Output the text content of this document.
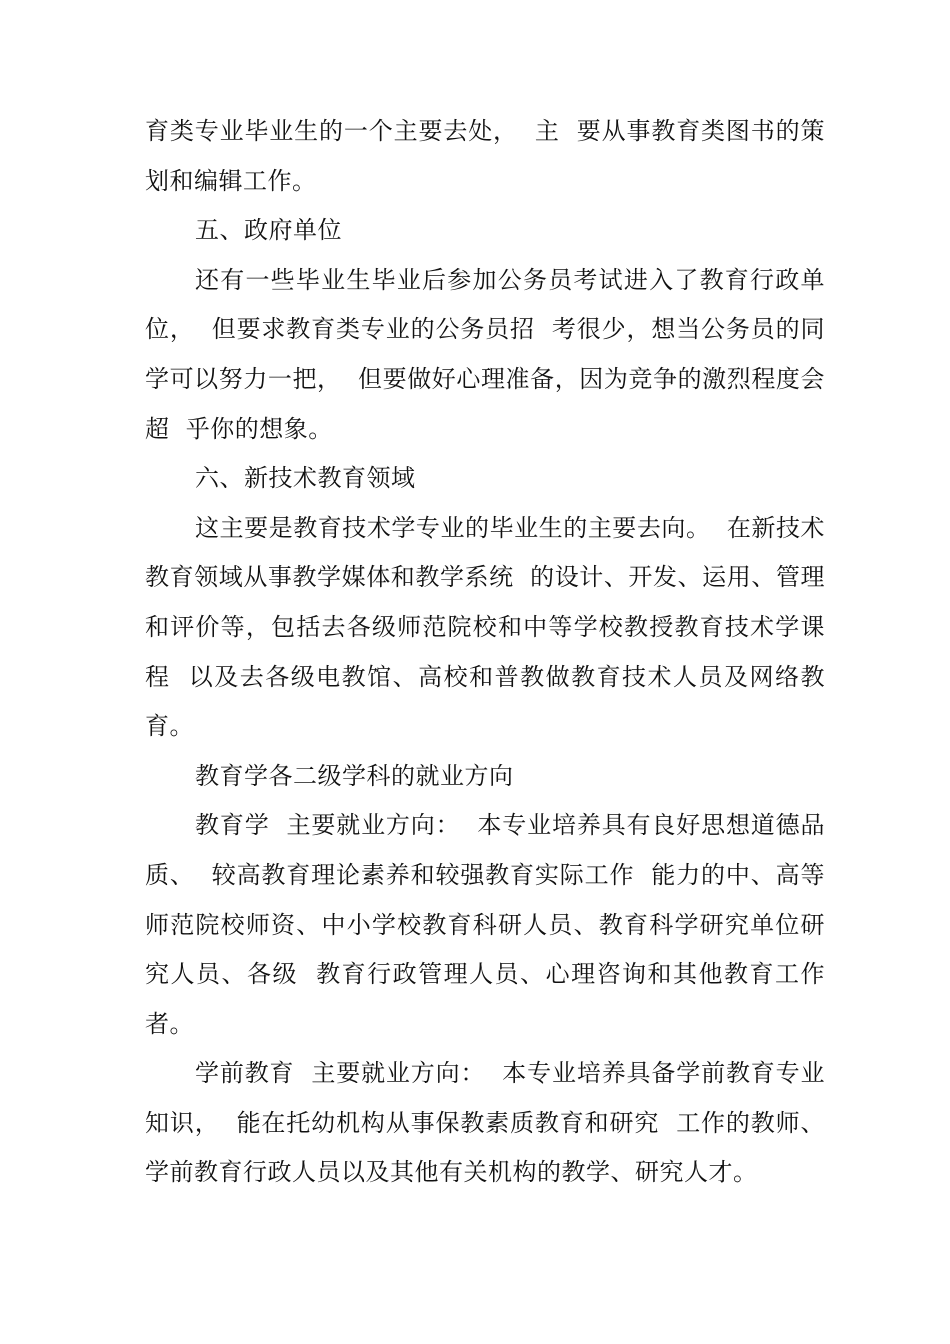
育类专业毕业生的一个主要去处，  主  要从事教育类图书的策划和编辑工作。

五、政府单位

还有一些毕业生毕业后参加公务员考试进入了教育行政单位，  但要求教育类专业的公务员招  考很少，想当公务员的同学可以努力一把，  但要做好心理准备，因为竞争的激烈程度会超  乎你的想象。

六、新技术教育领域

这主要是教育技术学专业的毕业生的主要去向。  在新技术教育领域从事教学媒体和教学系统  的设计、开发、运用、管理和评价等，包括去各级师范院校和中等学校教授教育技术学课程  以及去各级电教馆、高校和普教做教育技术人员及网络教育。

教育学各二级学科的就业方向

教育学  主要就业方向：  本专业培养具有良好思想道德品质、  较高教育理论素养和较强教育实际工作  能力的中、高等师范院校师资、中小学校教育科研人员、教育科学研究单位研究人员、各级  教育行政管理人员、心理咨询和其他教育工作者。

学前教育  主要就业方向：  本专业培养具备学前教育专业知识，  能在托幼机构从事保教素质教育和研究  工作的教师、学前教育行政人员以及其他有关机构的教学、研究人才。
